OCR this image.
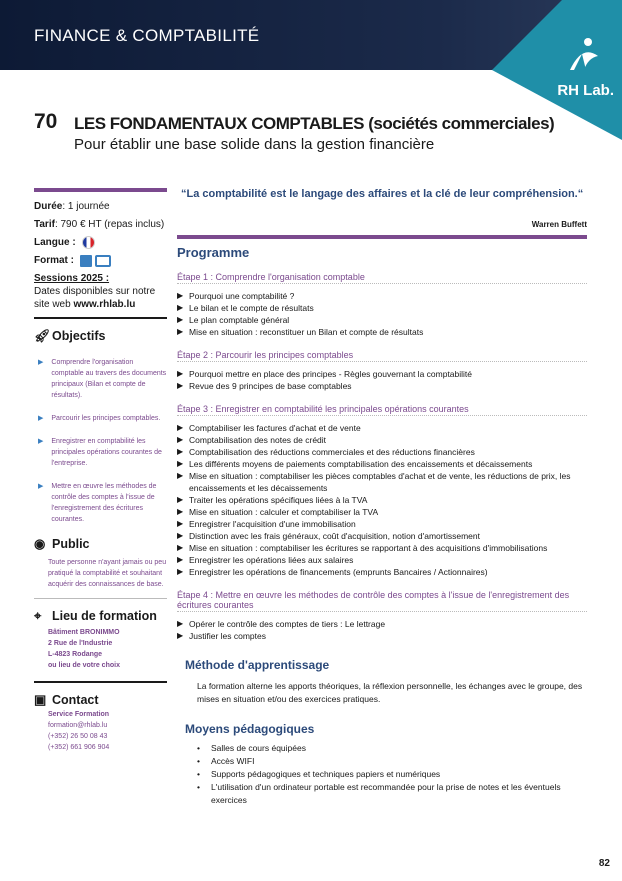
FINANCE & COMPTABILITÉ
RH Lab.
70 LES FONDAMENTAUX COMPTABLES (sociétés commerciales)
Pour établir une base solide dans la gestion financière
Durée : 1 journée
Tarif : 790 € HT (repas inclus)
Langue :
Format :
Sessions 2025 :
Dates disponibles sur notre site web www.rhlab.lu
🚀︎ Objectifs
▶ Comprendre l'organisation comptable au travers des documents principaux (Bilan et compte de résultats).
▶ Parcourir les principes comptables.
▶ Enregistrer en comptabilité les principales opérations courantes de l'entreprise.
▶ Mettre en œuvre les méthodes de contrôle des comptes à l'issue de l'enregistrement des écritures courantes.
◉ Public
Toute personne n'ayant jamais ou peu pratiqué la comptabilité et souhaitant acquérir des connaissances de base.
⌖ Lieu de formation
Bâtiment BRONIMMO
2 Rue de l'Industrie
L-4823 Rodange
ou lieu de votre choix
▣ Contact
Service Formation
formation@rhlab.lu
(+352) 26 50 08 43
(+352) 661 906 904
“La comptabilité est le langage des affaires et la clé de leur compréhension.“
Warren Buffett
Programme
Étape 1 : Comprendre l'organisation comptable
▶ Pourquoi une comptabilité ?
▶ Le bilan et le compte de résultats
▶ Le plan comptable général
▶ Mise en situation : reconstituer un Bilan et compte de résultats
Étape 2 : Parcourir les principes comptables
▶ Pourquoi mettre en place des principes - Règles gouvernant la comptabilité
▶ Revue des 9 principes de base comptables
Étape 3 : Enregistrer en comptabilité les principales opérations courantes
▶ Comptabiliser les factures d'achat et de vente
▶ Comptabilisation des notes de crédit
▶ Comptabilisation des réductions commerciales et des réductions financières
▶ Les différents moyens de paiements comptabilisation des encaissements et décaissements
▶ Mise en situation : comptabiliser les pièces comptables d'achat et de vente, les réductions de prix, les encaissements et les décaissements
▶ Traiter les opérations spécifiques liées à la TVA
▶ Mise en situation : calculer et comptabiliser la TVA
▶ Enregistrer l'acquisition d'une immobilisation
▶ Distinction avec les frais généraux, coût d'acquisition, notion d'amortissement
▶ Mise en situation : comptabiliser les écritures se rapportant à des acquisitions d'immobilisations
▶ Enregistrer les opérations liées aux salaires
▶ Enregistrer les opérations de financements (emprunts Bancaires / Actionnaires)
Étape 4 : Mettre en œuvre les méthodes de contrôle des comptes à l'issue de l'enregistrement des écritures courantes
▶ Opérer le contrôle des comptes de tiers : Le lettrage
▶ Justifier les comptes
Méthode d'apprentissage
La formation alterne les apports théoriques, la réflexion personnelle, les échanges avec le groupe, des mises en situation et/ou des exercices pratiques.
Moyens pédagogiques
•	Salles de cours équipées
•	Accès WIFI
•	Supports pédagogiques et techniques papiers et numériques
•	L'utilisation d'un ordinateur portable est recommandée pour la prise de notes et les éventuels exercices
82
